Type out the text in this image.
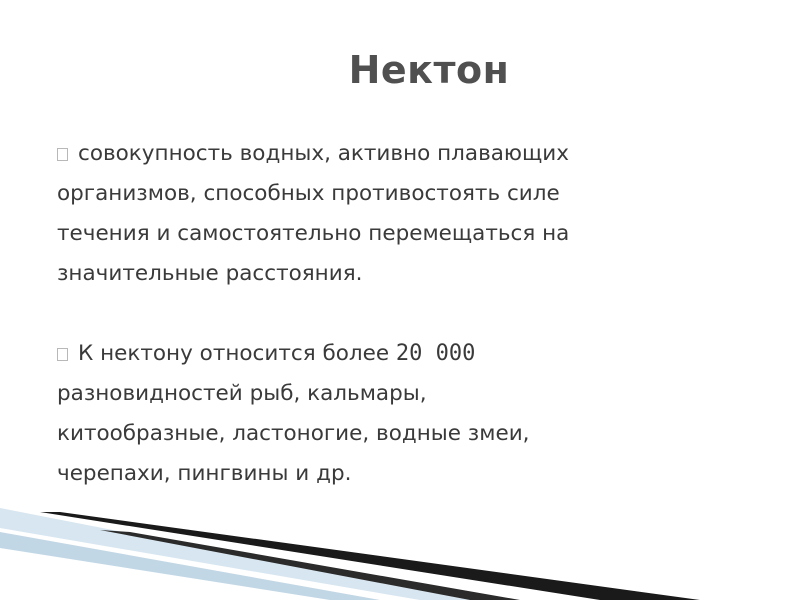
Нектон

совокупность водных, активно плавающих
организмов, способных противостоять силе
течения и самостоятельно перемещаться на
значительные расстояния.

К нектону относится более 20 000
разновидностей рыб, кальмары,
китообразные, ластоногие, водные змеи,
черепахи, пингвины и др.
